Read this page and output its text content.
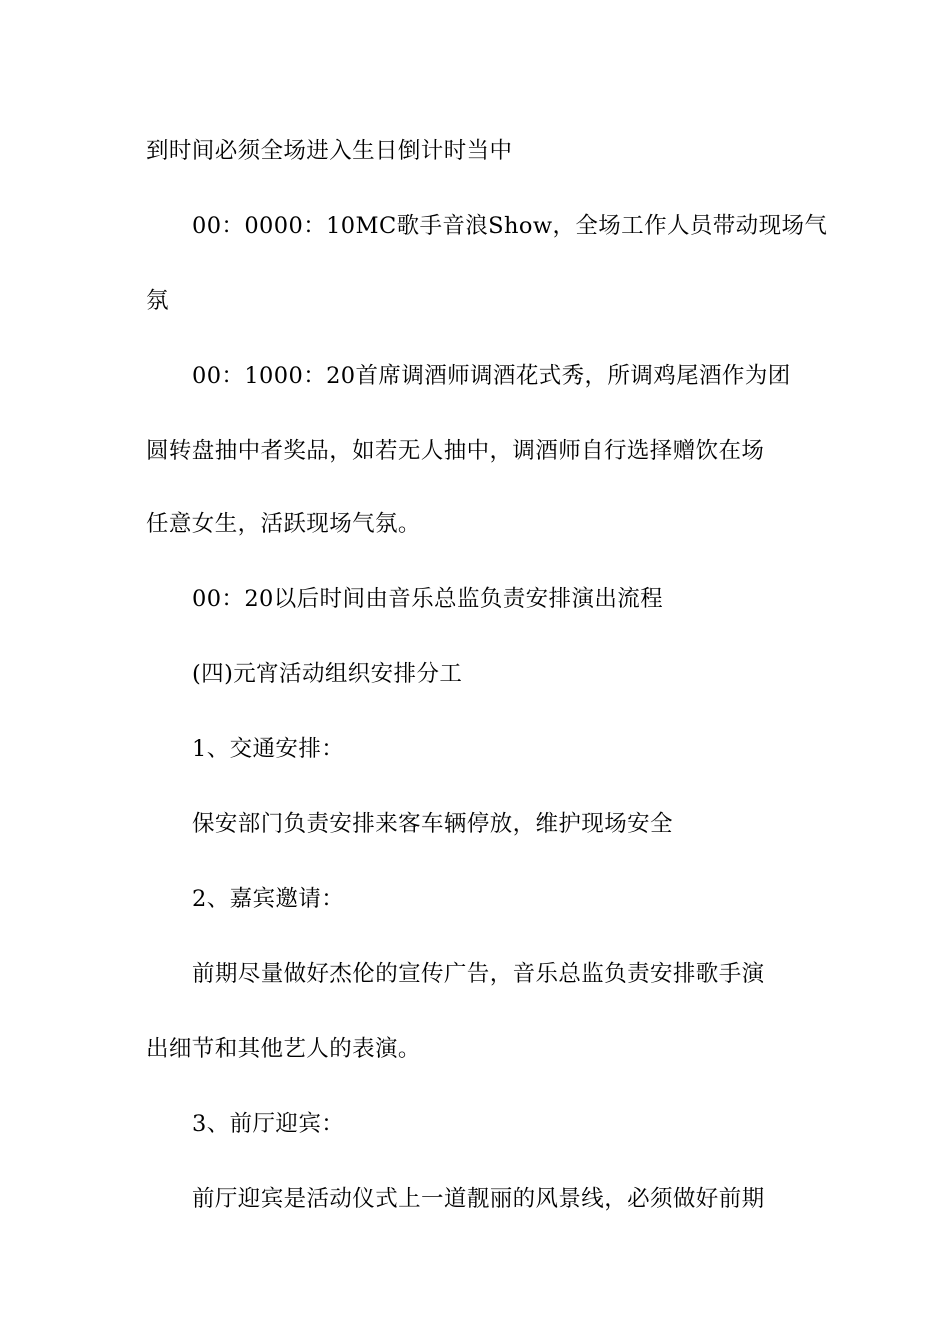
到时间必须全场进入生日倒计时当中
00：0000：10MC歌手音浪Show，全场工作人员带动现场气
氛
00：1000：20首席调酒师调酒花式秀，所调鸡尾酒作为团
圆转盘抽中者奖品，如若无人抽中，调酒师自行选择赠饮在场
任意女生，活跃现场气氛。
00：20以后时间由音乐总监负责安排演出流程
(四)元宵活动组织安排分工
1、交通安排：
保安部门负责安排来客车辆停放，维护现场安全
2、嘉宾邀请：
前期尽量做好杰伦的宣传广告，音乐总监负责安排歌手演
出细节和其他艺人的表演。
3、前厅迎宾：
前厅迎宾是活动仪式上一道靓丽的风景线，必须做好前期
